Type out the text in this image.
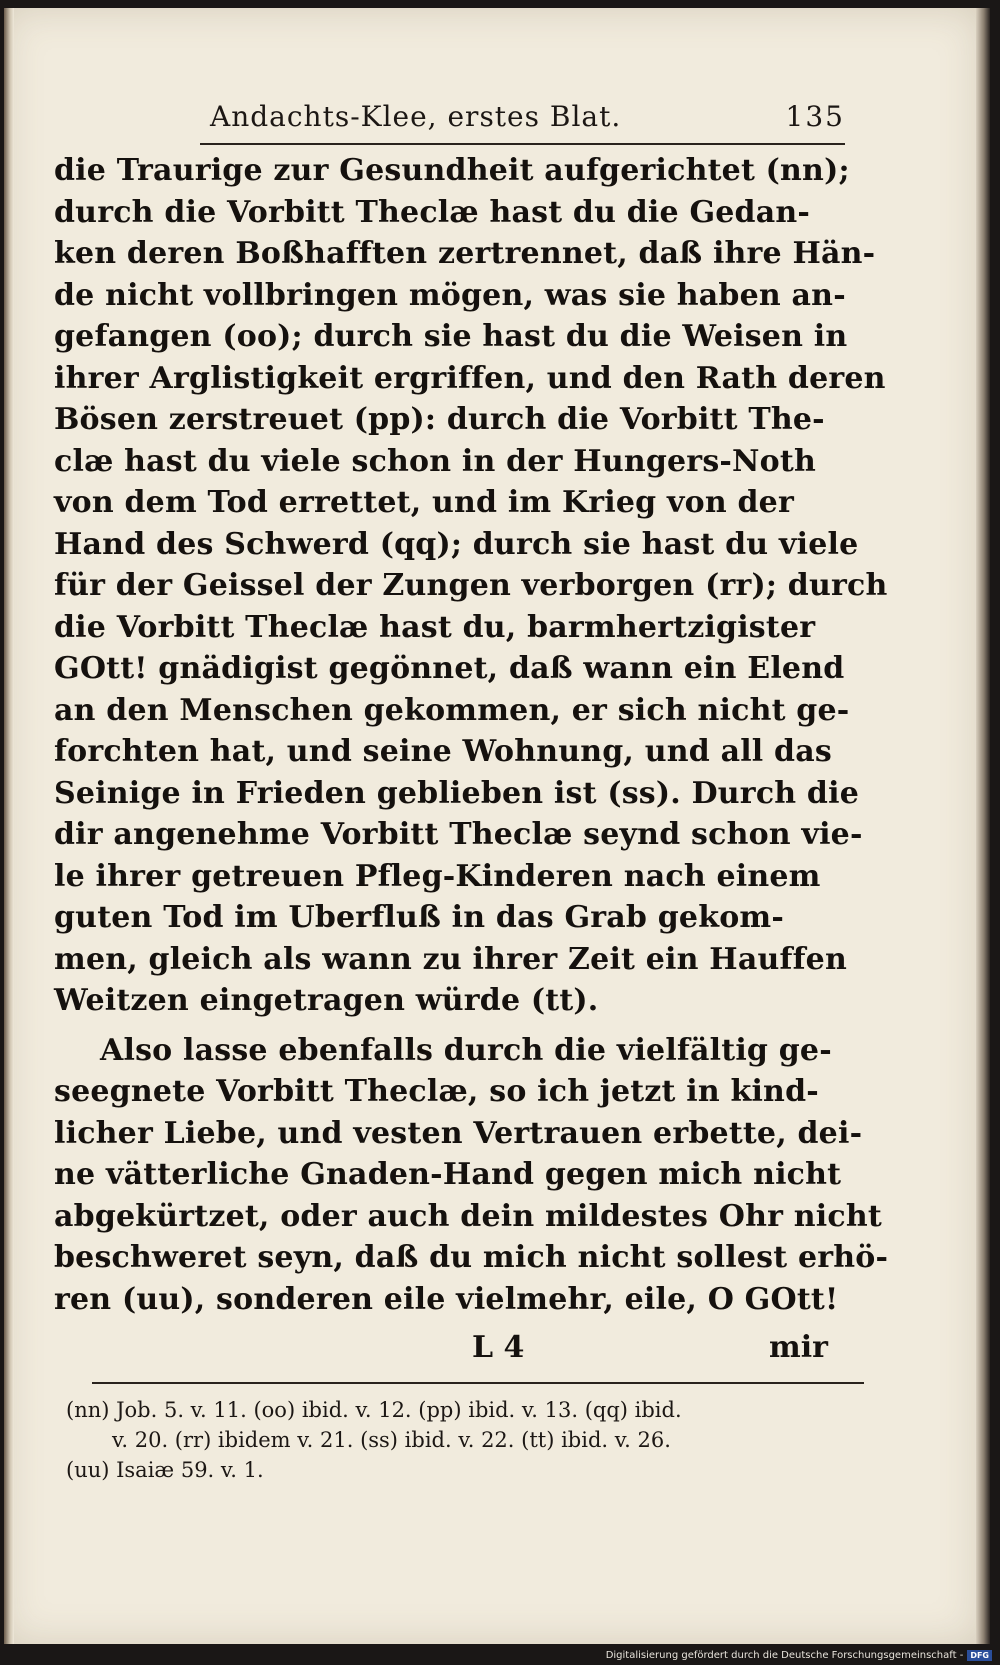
Andachts-Klee, erstes Blat.	135
die Traurige zur Gesundheit aufgerichtet (nn);
durch die Vorbitt Theclæ hast du die Gedan-
ken deren Boßhafften zertrennet, daß ihre Hän-
de nicht vollbringen mögen, was sie haben an-
gefangen (oo); durch sie hast du die Weisen in
ihrer Arglistigkeit ergriffen, und den Rath deren
Bösen zerstreuet (pp): durch die Vorbitt The-
clæ hast du viele schon in der Hungers-Noth
von dem Tod errettet, und im Krieg von der
Hand des Schwerd (qq); durch sie hast du viele
für der Geissel der Zungen verborgen (rr); durch
die Vorbitt Theclæ hast du, barmhertzigister
GOtt! gnädigist gegönnet, daß wann ein Elend
an den Menschen gekommen, er sich nicht ge-
forchten hat, und seine Wohnung, und all das
Seinige in Frieden geblieben ist (ss). Durch die
dir angenehme Vorbitt Theclæ seynd schon vie-
le ihrer getreuen Pfleg-Kinderen nach einem
guten Tod im Uberfluß in das Grab gekom-
men, gleich als wann zu ihrer Zeit ein Hauffen
Weitzen eingetragen würde (tt).
Also lasse ebenfalls durch die vielfältig ge-
seegnete Vorbitt Theclæ, so ich jetzt in kind-
licher Liebe, und vesten Vertrauen erbette, dei-
ne vätterliche Gnaden-Hand gegen mich nicht
abgekürtzet, oder auch dein mildestes Ohr nicht
beschweret seyn, daß du mich nicht sollest erhö-
ren (uu), sonderen eile vielmehr, eile, O GOtt!
L 4	mir
(nn) Job. 5. v. 11. (oo) ibid. v. 12. (pp) ibid. v. 13. (qq) ibid.
v. 20. (rr) ibidem v. 21. (ss) ibid. v. 22. (tt) ibid. v. 26.
(uu) Isaiæ 59. v. 1.
Digitalisierung gefördert durch die Deutsche Forschungsgemeinschaft - DFG
